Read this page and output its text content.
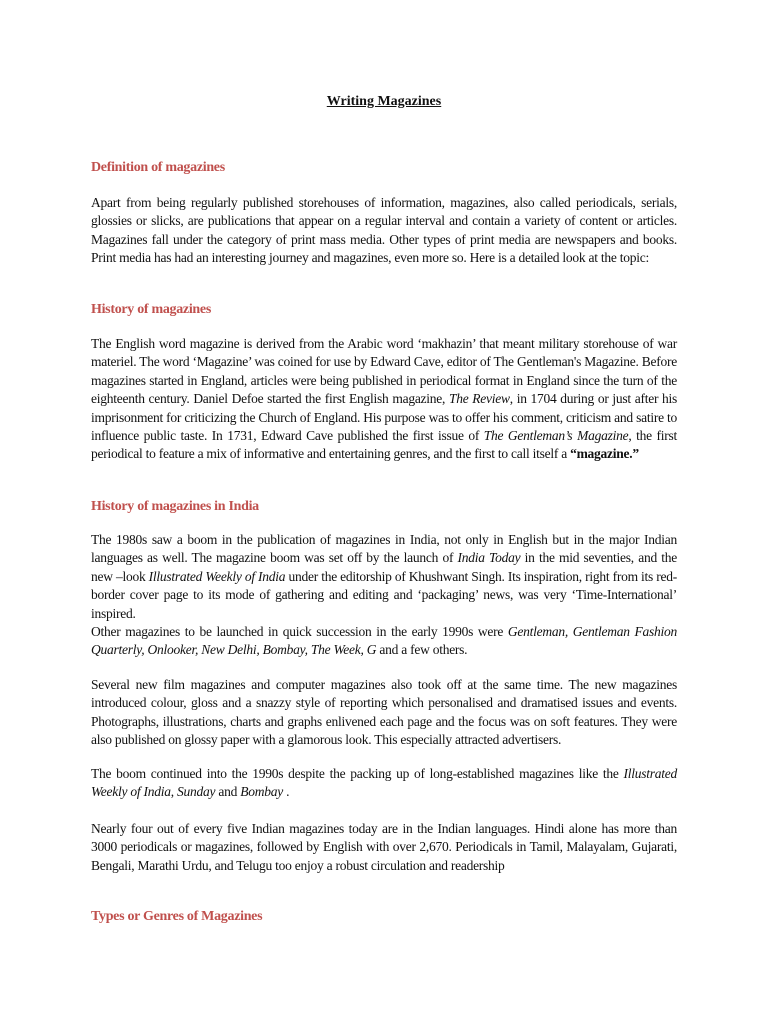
Writing Magazines
Definition of magazines

Apart from being regularly published storehouses of information, magazines, also called periodicals, serials, glossies or slicks, are publications that appear on a regular interval and contain a variety of content or articles. Magazines fall under the category of print mass media. Other types of print media are newspapers and books. Print media has had an interesting journey and magazines, even more so. Here is a detailed look at the topic:

History of magazines

The English word magazine is derived from the Arabic word ‘makhazin’ that meant military storehouse of war materiel. The word ‘Magazine’ was coined for use by Edward Cave, editor of The Gentleman's Magazine. Before magazines started in England, articles were being published in periodical format in England since the turn of the eighteenth century. Daniel Defoe started the first English magazine, The Review, in 1704 during or just after his imprisonment for criticizing the Church of England. His purpose was to offer his comment, criticism and satire to influence public taste. In 1731, Edward Cave published the first issue of The Gentleman’s Magazine, the first periodical to feature a mix of informative and entertaining genres, and the first to call itself a “magazine.”

History of magazines in India

The 1980s saw a boom in the publication of magazines in India, not only in English but in the major Indian languages as well. The magazine boom was set off by the launch of India Today in the mid seventies, and the new –look Illustrated Weekly of India under the editorship of Khushwant Singh. Its inspiration, right from its red-border cover page to its mode of gathering and editing and ‘packaging’ news, was very ‘Time-International’ inspired.

Other magazines to be launched in quick succession in the early 1990s were Gentleman, Gentleman Fashion Quarterly, Onlooker, New Delhi, Bombay, The Week, G and a few others.

Several new film magazines and computer magazines also took off at the same time. The new magazines introduced colour, gloss and a snazzy style of reporting which personalised and dramatised issues and events. Photographs, illustrations, charts and graphs enlivened each page and the focus was on soft features. They were also published on glossy paper with a glamorous look. This especially attracted advertisers.

The boom continued into the 1990s despite the packing up of long-established magazines like the Illustrated Weekly of India, Sunday and Bombay .

Nearly four out of every five Indian magazines today are in the Indian languages. Hindi alone has more than 3000 periodicals or magazines, followed by English with over 2,670. Periodicals in Tamil, Malayalam, Gujarati, Bengali, Marathi Urdu, and Telugu too enjoy a robust circulation and readership

Types or Genres of Magazines
